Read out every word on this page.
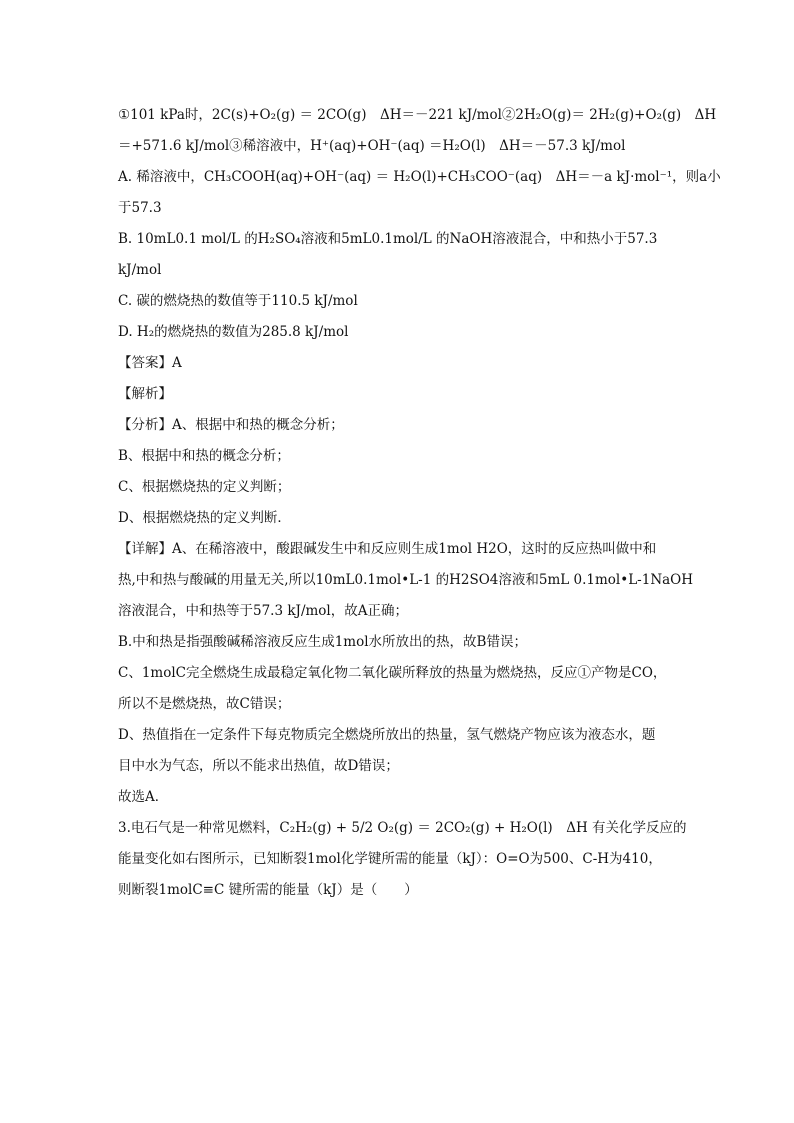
①101 kPa时，2C(s)+O₂(g) ＝ 2CO(g)　ΔH＝－221 kJ/mol②2H₂O(g)＝ 2H₂(g)+O₂(g)　ΔH
＝+571.6 kJ/mol③稀溶液中，H⁺(aq)+OH⁻(aq) ＝H₂O(l)　ΔH＝－57.3 kJ/mol
A. 稀溶液中，CH₃COOH(aq)+OH⁻(aq) ＝ H₂O(l)+CH₃COO⁻(aq)　ΔH＝－a kJ·mol⁻¹，则a小
于57.3
B. 10mL0.1 mol/L 的H₂SO₄溶液和5mL0.1mol/L 的NaOH溶液混合，中和热小于57.3
kJ/mol
C. 碳的燃烧热的数值等于110.5 kJ/mol
D. H₂的燃烧热的数值为285.8 kJ/mol
【答案】A
【解析】
【分析】A、根据中和热的概念分析；
B、根据中和热的概念分析；
C、根据燃烧热的定义判断；
D、根据燃烧热的定义判断．
【详解】A、在稀溶液中，酸跟碱发生中和反应则生成1mol H2O，这时的反应热叫做中和
热,中和热与酸碱的用量无关,所以10mL0.1mol•L-1 的H2SO4溶液和5mL 0.1mol•L-1NaOH
溶液混合，中和热等于57.3 kJ/mol，故A正确；
B.中和热是指强酸碱稀溶液反应生成1mol水所放出的热，故B错误；
C、1molC完全燃烧生成最稳定氧化物二氧化碳所释放的热量为燃烧热，反应①产物是CO，
所以不是燃烧热，故C错误；
D、热值指在一定条件下每克物质完全燃烧所放出的热量，氢气燃烧产物应该为液态水，题
目中水为气态，所以不能求出热值，故D错误；
故选A．
3.电石气是一种常见燃料，C₂H₂(g) + 5/2 O₂(g) ＝ 2CO₂(g) + H₂O(l)　ΔH 有关化学反应的
能量变化如右图所示，已知断裂1mol化学键所需的能量（kJ）：O=O为500、C-H为410，
则断裂1molC≡C 键所需的能量（kJ）是（　　）
